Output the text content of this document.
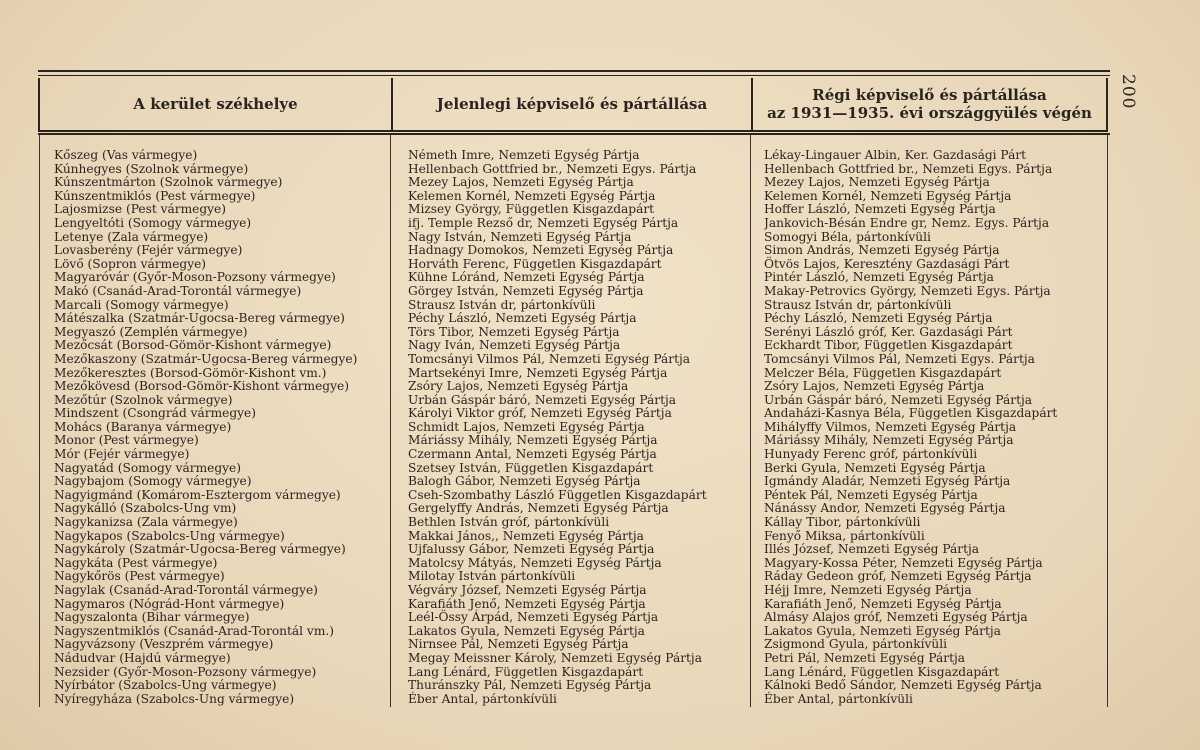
200
A kerület székhelye	Jelenlegi képviselő és pártállása	Régi képviselő és pártállása
az 1931—1935. évi országgyülés végén
Kőszeg (Vas vármegye)
Kúnhegyes (Szolnok vármegye)
Kúnszentmárton (Szolnok vármegye)
Kúnszentmiklós (Pest vármegye)
Lajosmizse (Pest vármegye)
Lengyeltóti (Somogy vármegye)
Letenye (Zala vármegye)
Lovasberény (Fejér vármegye)
Lövő (Sopron vármegye)
Magyaróvár (Győr-Moson-Pozsony vármegye)
Makó (Csanád-Arad-Torontál vármegye)
Marcali (Somogy vármegye)
Mátészalka (Szatmár-Ugocsa-Bereg vármegye)
Megyaszó (Zemplén vármegye)
Mezőcsát (Borsod-Gömör-Kishont vármegye)
Mezőkaszony (Szatmár-Ugocsa-Bereg vármegye)
Mezőkeresztes (Borsod-Gömör-Kishont vm.)
Mezőkövesd (Borsod-Gömör-Kishont vármegye)
Mezőtúr (Szolnok vármegye)
Mindszent (Csongrád vármegye)
Mohács (Baranya vármegye)
Monor (Pest vármegye)
Mór (Fejér vármegye)
Nagyatád (Somogy vármegye)
Nagybajom (Somogy vármegye)
Nagyigmánd (Komárom-Esztergom vármegye)
Nagykálló (Szabolcs-Ung vm)
Nagykanizsa (Zala vármegye)
Nagykapos (Szabolcs-Ung vármegye)
Nagykároly (Szatmár-Ugocsa-Bereg vármegye)
Nagykáta (Pest vármegye)
Nagykőrös (Pest vármegye)
Nagylak (Csanád-Arad-Torontál vármegye)
Nagymaros (Nógrád-Hont vármegye)
Nagyszalonta (Bihar vármegye)
Nagyszentmiklós (Csanád-Arad-Torontál vm.)
Nagyvázsony (Veszprém vármegye)
Nádudvar (Hajdú vármegye)
Nezsider (Győr-Moson-Pozsony vármegye)
Nyírbátor (Szabolcs-Ung vármegye)
Nyíregyháza (Szabolcs-Ung vármegye)
Németh Imre, Nemzeti Egység Pártja
Hellenbach Gottfried br., Nemzeti Egys. Pártja
Mezey Lajos, Nemzeti Egység Pártja
Kelemen Kornél, Nemzeti Egység Pártja
Mizsey György, Független Kisgazdapárt
ifj. Temple Rezső dr, Nemzeti Egység Pártja
Nagy István, Nemzeti Egység Pártja
Hadnagy Domokos, Nemzeti Egység Pártja
Horváth Ferenc, Független Kisgazdapárt
Kühne Lóránd, Nemzeti Egység Pártja
Görgey István, Nemzeti Egység Pártja
Strausz István dr, pártonkívüli
Péchy László, Nemzeti Egység Pártja
Törs Tibor, Nemzeti Egység Pártja
Nagy Iván, Nemzeti Egység Pártja
Tomcsányi Vilmos Pál, Nemzeti Egység Pártja
Martsekényi Imre, Nemzeti Egység Pártja
Zsóry Lajos, Nemzeti Egység Pártja
Urbán Gáspár báró, Nemzeti Egység Pártja
Károlyi Viktor gróf, Nemzeti Egység Pártja
Schmidt Lajos, Nemzeti Egység Pártja
Máriássy Mihály, Nemzeti Egység Pártja
Czermann Antal, Nemzeti Egység Pártja
Szetsey István, Független Kisgazdapárt
Balogh Gábor, Nemzeti Egység Pártja
Cseh-Szombathy László Független Kisgazdapárt
Gergelyffy András, Nemzeti Egység Pártja
Bethlen István gróf, pártonkívüli
Makkai János,, Nemzeti Egység Pártja
Ujfalussy Gábor, Nemzeti Egység Pártja
Matolcsy Mátyás, Nemzeti Egység Pártja
Milotay István pártonkívüli
Végváry József, Nemzeti Egység Pártja
Karafiáth Jenő, Nemzeti Egység Pártja
Leél-Össy Árpád, Nemzeti Egység Pártja
Lakatos Gyula, Nemzeti Egység Pártja
Nirnsee Pál, Nemzeti Egység Pártja
Megay Meissner Károly, Nemzeti Egység Pártja
Lang Lénárd, Független Kisgazdapárt
Thuránszky Pál, Nemzeti Egység Pártja
Éber Antal, pártonkívüli
Lékay-Lingauer Albin, Ker. Gazdasági Párt
Hellenbach Gottfried br., Nemzeti Egys. Pártja
Mezey Lajos, Nemzeti Egység Pártja
Kelemen Kornél, Nemzeti Egység Pártja
Hoffer László, Nemzeti Egység Pártja
Jankovich-Bésán Endre gr, Nemz. Egys. Pártja
Somogyi Béla, pártonkívüli
Simon András, Nemzeti Egység Pártja
Ötvös Lajos, Keresztény Gazdasági Párt
Pintér László, Nemzeti Egység Pártja
Makay-Petrovics György, Nemzeti Egys. Pártja
Strausz István dr, pártonkívüli
Péchy László, Nemzeti Egység Pártja
Serényi László gróf, Ker. Gazdasági Párt
Eckhardt Tibor, Független Kisgazdapárt
Tomcsányi Vilmos Pál, Nemzeti Egys. Pártja
Melczer Béla, Független Kisgazdapárt
Zsóry Lajos, Nemzeti Egység Pártja
Urbán Gáspár báró, Nemzeti Egység Pártja
Andaházi-Kasnya Béla, Független Kisgazdapárt
Mihályffy Vilmos, Nemzeti Egység Pártja
Máriássy Mihály, Nemzeti Egység Pártja
Hunyady Ferenc gróf, pártonkívüli
Berki Gyula, Nemzeti Egység Pártja
Igmándy Aladár, Nemzeti Egység Pártja
Péntek Pál, Nemzeti Egység Pártja
Nánássy Andor, Nemzeti Egység Pártja
Kállay Tibor, pártonkívüli
Fenyő Miksa, pártonkívüli
Illés József, Nemzeti Egység Pártja
Magyary-Kossa Péter, Nemzeti Egység Pártja
Ráday Gedeon gróf, Nemzeti Egység Pártja
Héjj Imre, Nemzeti Egység Pártja
Karafiáth Jenő, Nemzeti Egység Pártja
Almásy Alajos gróf, Nemzeti Egység Pártja
Lakatos Gyula, Nemzeti Egység Pártja
Zsigmond Gyula, pártonkívüli
Petri Pál, Nemzeti Egység Pártja
Lang Lénárd, Független Kisgazdapárt
Kálnoki Bedő Sándor, Nemzeti Egység Pártja
Éber Antal, pártonkívüli
